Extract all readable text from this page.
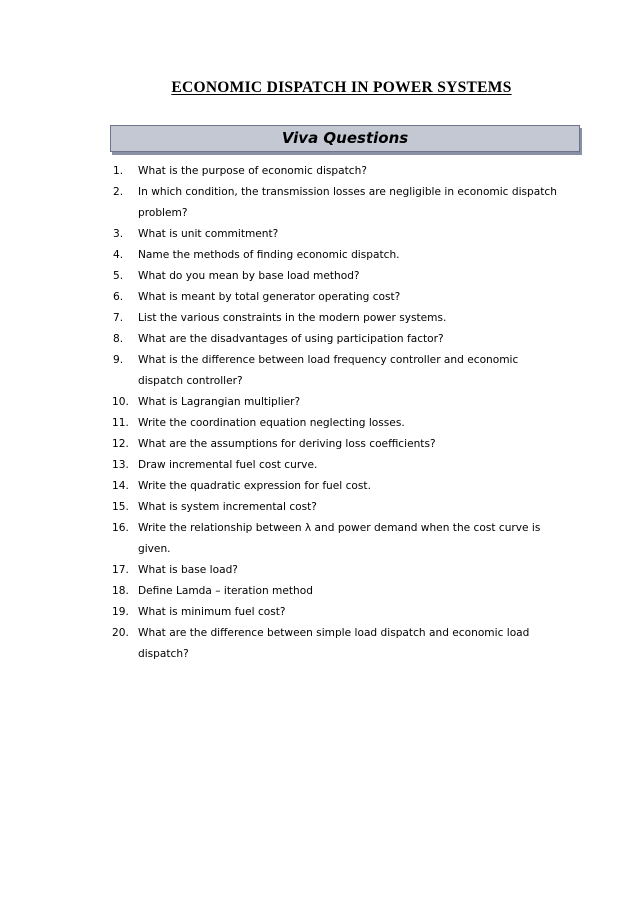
ECONOMIC DISPATCH IN POWER SYSTEMS
Viva Questions
1. What is the purpose of economic dispatch?
2. In which condition, the transmission losses are negligible in economic dispatch problem?
3. What is unit commitment?
4. Name the methods of finding economic dispatch.
5. What do you mean by base load method?
6. What is meant by total generator operating cost?
7. List the various constraints in the modern power systems.
8. What are the disadvantages of using participation factor?
9. What is the difference between load frequency controller and economic dispatch controller?
10. What is Lagrangian multiplier?
11. Write the coordination equation neglecting losses.
12. What are the assumptions for deriving loss coefficients?
13. Draw incremental fuel cost curve.
14. Write the quadratic expression for fuel cost.
15. What is system incremental cost?
16. Write the relationship between λ and power demand when the cost curve is given.
17. What is base load?
18. Define Lamda – iteration method
19. What is minimum fuel cost?
20. What are the difference between simple load dispatch and economic load dispatch?
